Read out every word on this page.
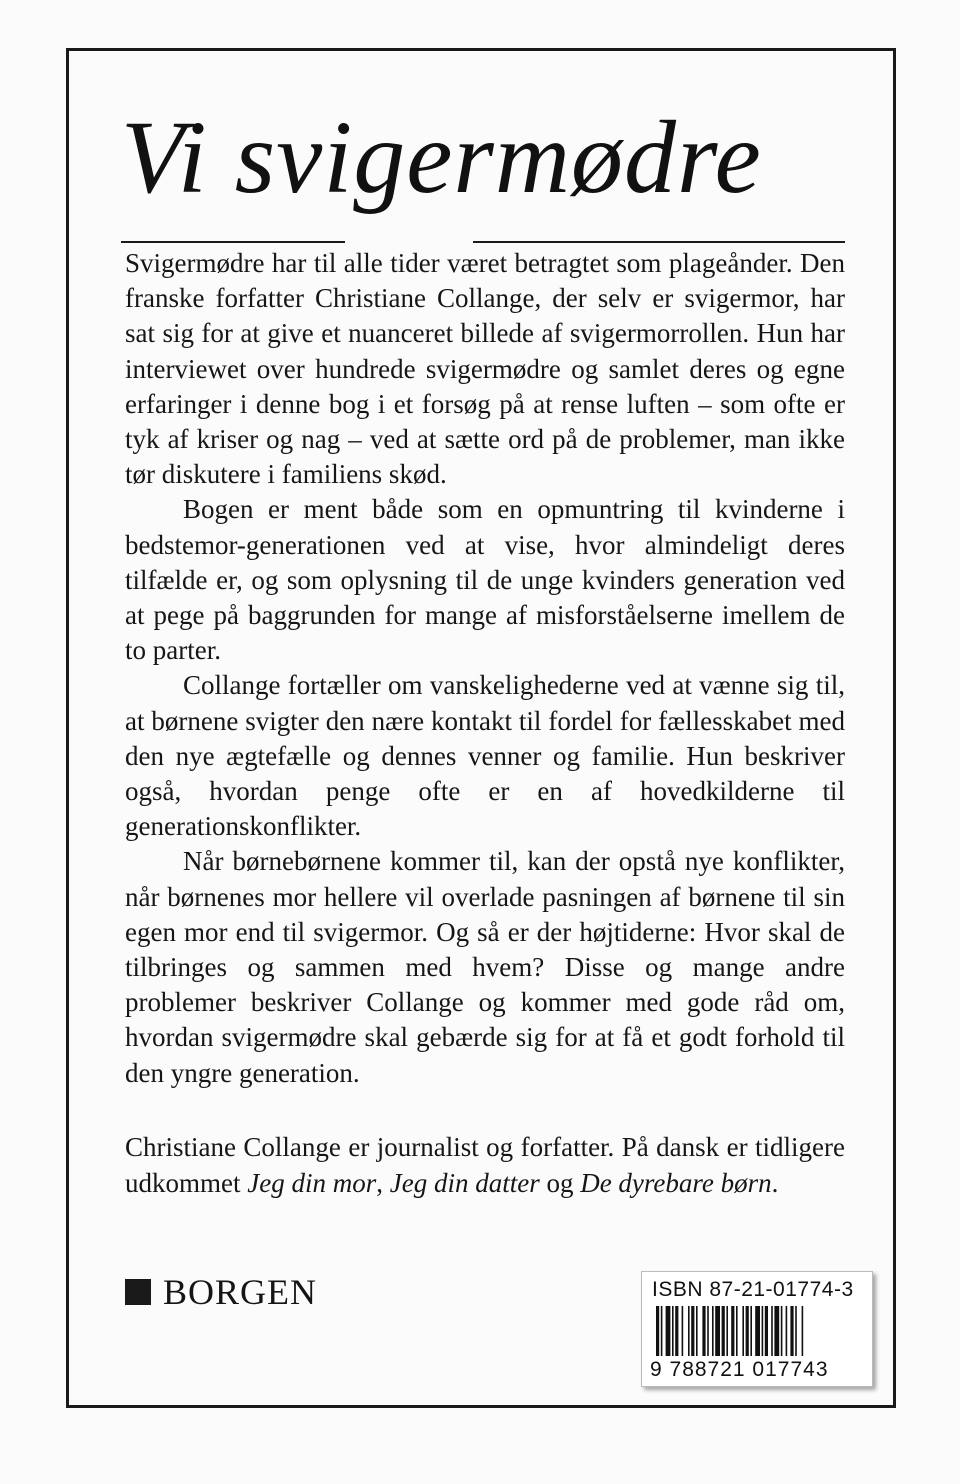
Vi svigermødre

Svigermødre har til alle tider været betragtet som plageånder. Den franske forfatter Christiane Collange, der selv er svigermor, har sat sig for at give et nuanceret billede af svigermorrollen. Hun har interviewet over hundrede svigermødre og samlet deres og egne erfaringer i denne bog i et forsøg på at rense luften – som ofte er tyk af kriser og nag – ved at sætte ord på de problemer, man ikke tør diskutere i familiens skød.

Bogen er ment både som en opmuntring til kvinderne i bedstemor-generationen ved at vise, hvor almindeligt deres tilfælde er, og som oplysning til de unge kvinders generation ved at pege på baggrunden for mange af misforståelserne imellem de to parter.

Collange fortæller om vanskelighederne ved at vænne sig til, at børnene svigter den nære kontakt til fordel for fællesskabet med den nye ægtefælle og dennes venner og familie. Hun beskriver også, hvordan penge ofte er en af hovedkilderne til generationskonflikter.

Når børnebørnene kommer til, kan der opstå nye konflikter, når børnenes mor hellere vil overlade pasningen af børnene til sin egen mor end til svigermor. Og så er der højtiderne: Hvor skal de tilbringes og sammen med hvem? Disse og mange andre problemer beskriver Collange og kommer med gode råd om, hvordan svigermødre skal gebærde sig for at få et godt forhold til den yngre generation.

Christiane Collange er journalist og forfatter. På dansk er tidligere udkommet Jeg din mor, Jeg din datter og De dyrebare børn.
BORGEN	ISBN 87-21-01774-3
9 788721 017743
